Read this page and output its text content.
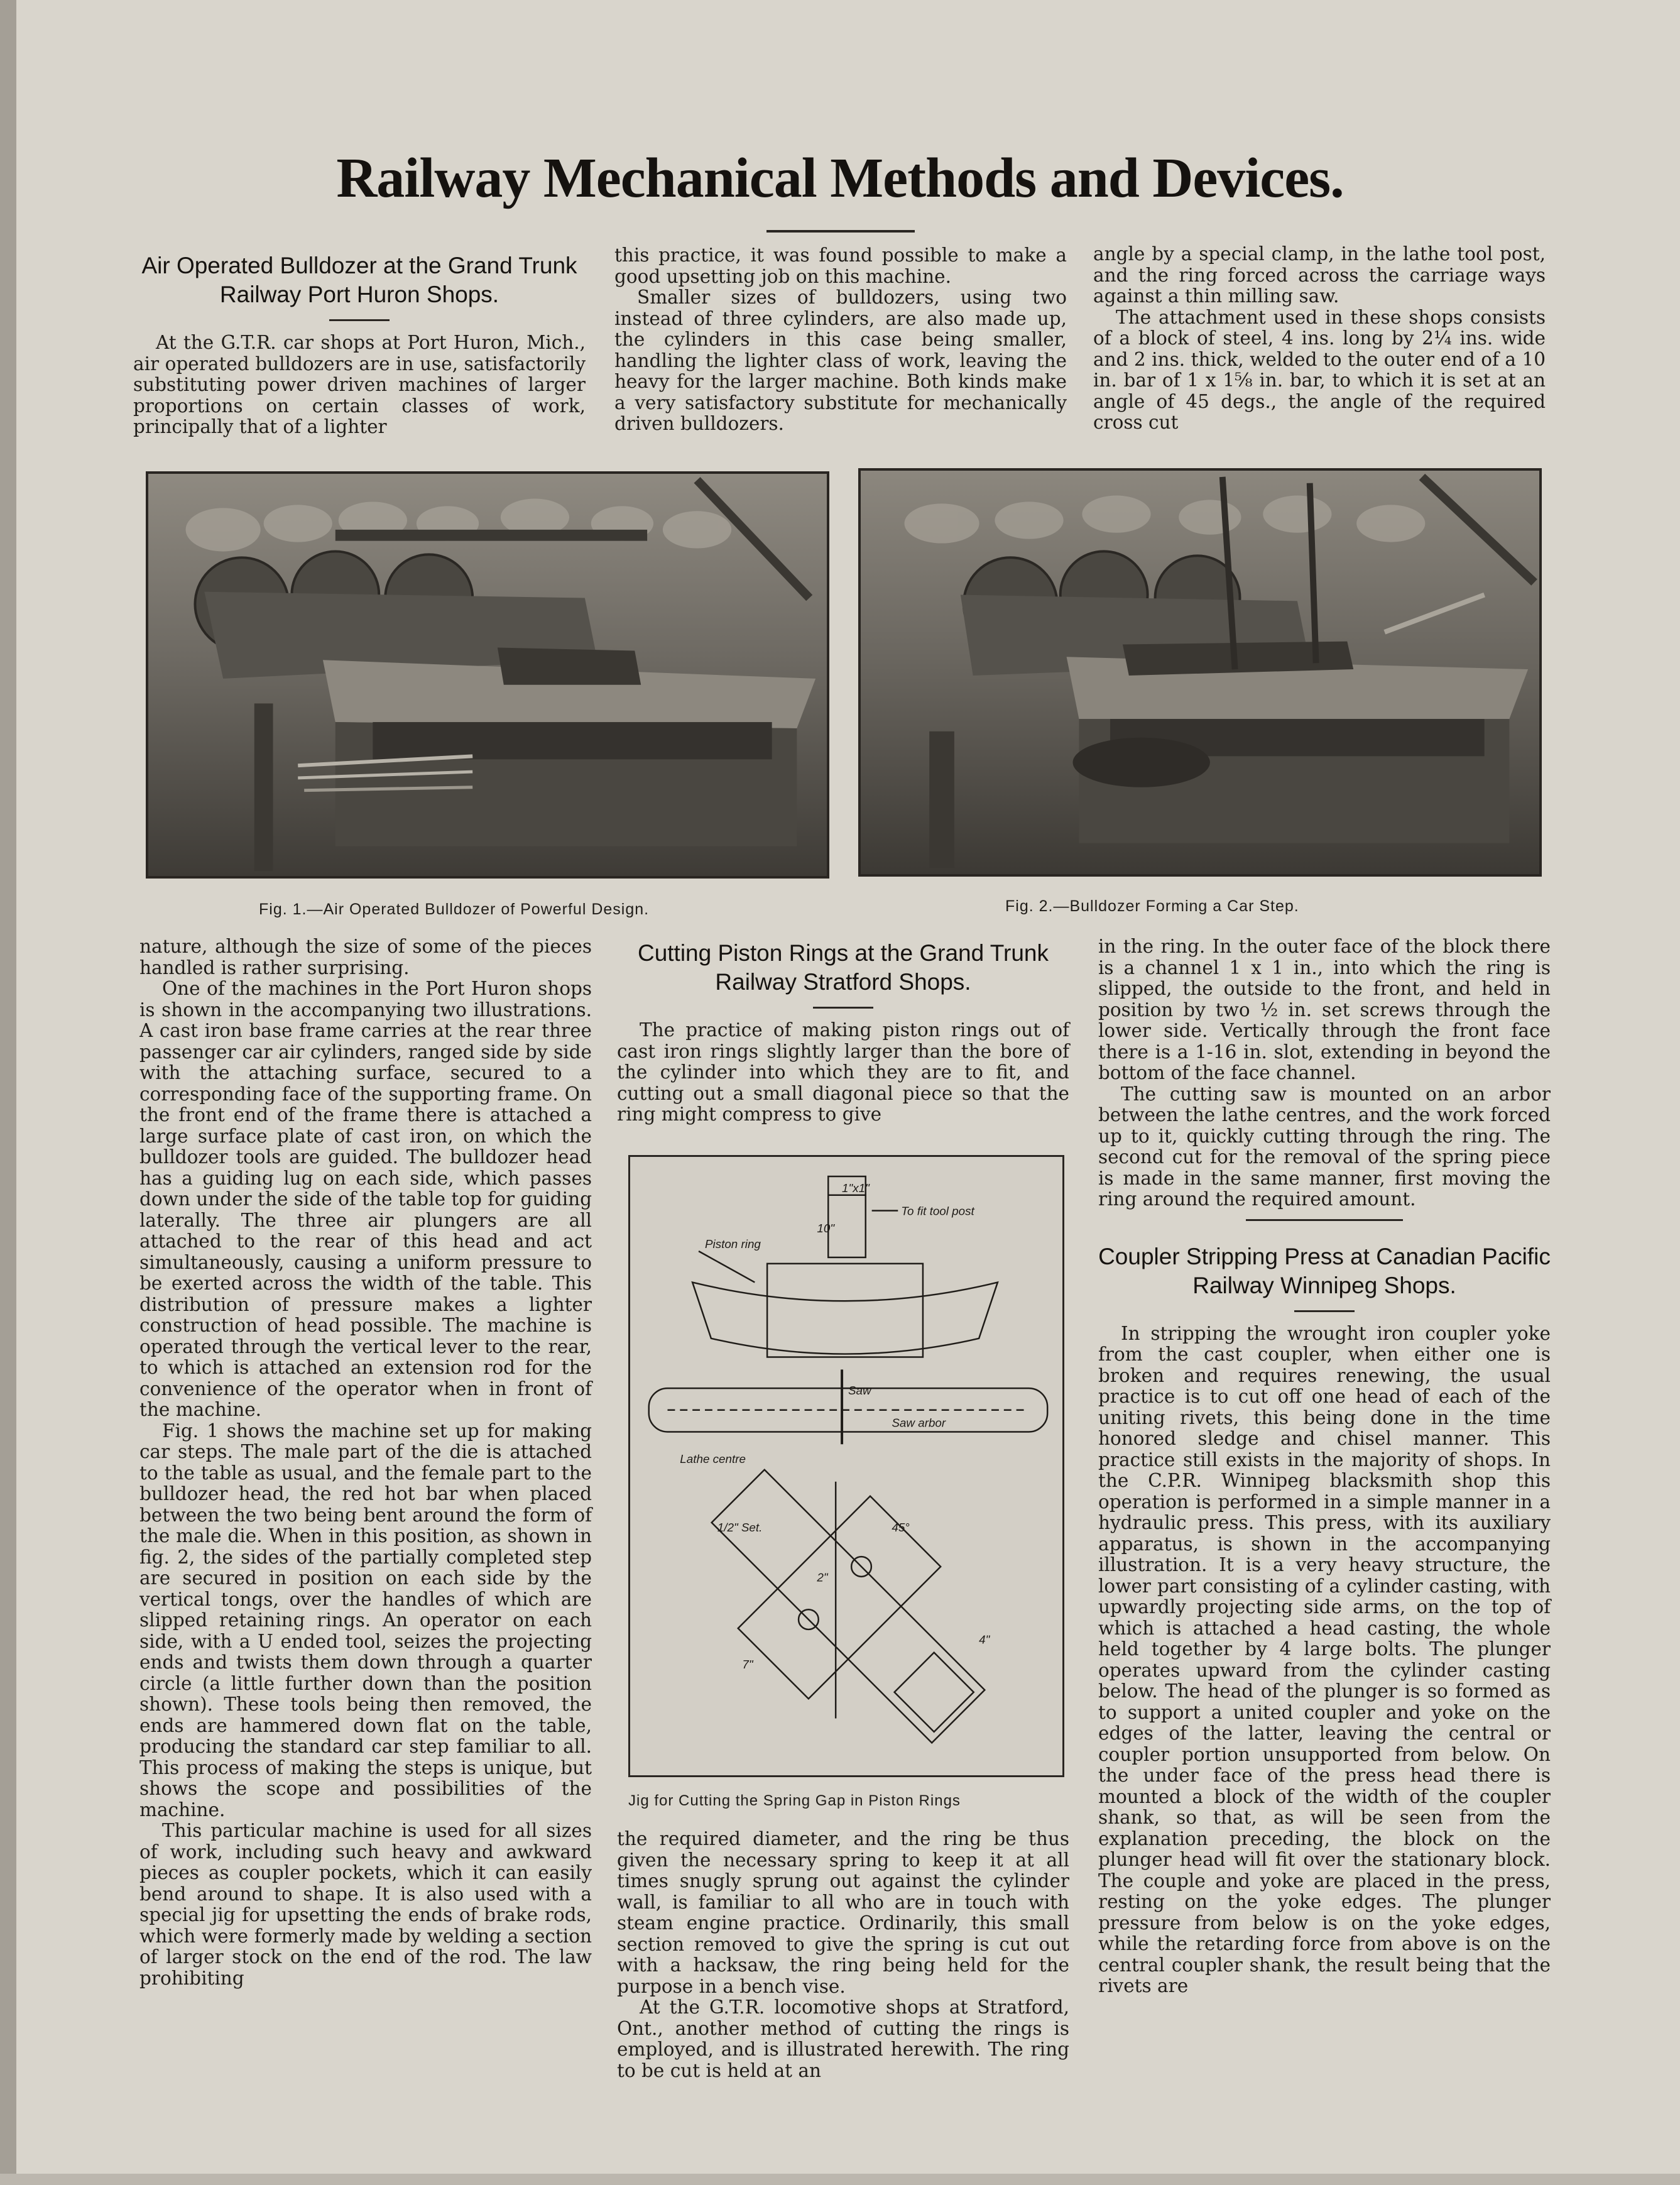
Railway Mechanical Methods and Devices.
Air Operated Bulldozer at the Grand Trunk Railway Port Huron Shops.

At the G.T.R. car shops at Port Huron, Mich., air operated bulldozers are in use, satisfactorily substituting power driven machines of larger proportions on certain classes of work, principally that of a lighter

this practice, it was found possible to make a good upsetting job on this machine.

Smaller sizes of bulldozers, using two instead of three cylinders, are also made up, the cylinders in this case being smaller, handling the lighter class of work, leaving the heavy for the larger machine. Both kinds make a very satisfactory substitute for mechanically driven bulldozers.

angle by a special clamp, in the lathe tool post, and the ring forced across the carriage ways against a thin milling saw.

The attachment used in these shops consists of a block of steel, 4 ins. long by 2¼ ins. wide and 2 ins. thick, welded to the outer end of a 10 in. bar of 1 x 1⅝ in. bar, to which it is set at an angle of 45 degs., the angle of the required cross cut

Fig. 1.—Air Operated Bulldozer of Powerful Design.	Fig. 2.—Bulldozer Forming a Car Step.

nature, although the size of some of the pieces handled is rather surprising.

One of the machines in the Port Huron shops is shown in the accompanying two illustrations. A cast iron base frame carries at the rear three passenger car air cylinders, ranged side by side with the attaching surface, secured to a corresponding face of the supporting frame. On the front end of the frame there is attached a large surface plate of cast iron, on which the bulldozer tools are guided. The bulldozer head has a guiding lug on each side, which passes down under the side of the table top for guiding laterally. The three air plungers are all attached to the rear of this head and act simultaneously, causing a uniform pressure to be exerted across the width of the table. This distribution of pressure makes a lighter construction of head possible. The machine is operated through the vertical lever to the rear, to which is attached an extension rod for the convenience of the operator when in front of the machine.

Fig. 1 shows the machine set up for making car steps. The male part of the die is attached to the table as usual, and the female part to the bulldozer head, the red hot bar when placed between the two being bent around the form of the male die. When in this position, as shown in fig. 2, the sides of the partially completed step are secured in position on each side by the vertical tongs, over the handles of which are slipped retaining rings. An operator on each side, with a U ended tool, seizes the projecting ends and twists them down through a quarter circle (a little further down than the position shown). These tools being then removed, the ends are hammered down flat on the table, producing the standard car step familiar to all. This process of making the steps is unique, but shows the scope and possibilities of the machine.

This particular machine is used for all sizes of work, including such heavy and awkward pieces as coupler pockets, which it can easily bend around to shape. It is also used with a special jig for upsetting the ends of brake rods, which were formerly made by welding a section of larger stock on the end of the rod. The law prohibiting

Cutting Piston Rings at the Grand Trunk Railway Stratford Shops.

The practice of making piston rings out of cast iron rings slightly larger than the bore of the cylinder into which they are to fit, and cutting out a small diagonal piece so that the ring might compress to give

To fit tool post
1"x1"
10"
Piston ring
Saw
Saw arbor
Lathe centre
45°
1/2" Set.
7"
2"
4"

Jig for Cutting the Spring Gap in Piston Rings

the required diameter, and the ring be thus given the necessary spring to keep it at all times snugly sprung out against the cylinder wall, is familiar to all who are in touch with steam engine practice. Ordinarily, this small section removed to give the spring is cut out with a hacksaw, the ring being held for the purpose in a bench vise.

At the G.T.R. locomotive shops at Stratford, Ont., another method of cutting the rings is employed, and is illustrated herewith. The ring to be cut is held at an

in the ring. In the outer face of the block there is a channel 1 x 1 in., into which the ring is slipped, the outside to the front, and held in position by two ½ in. set screws through the lower side. Vertically through the front face there is a 1-16 in. slot, extending in beyond the bottom of the face channel.

The cutting saw is mounted on an arbor between the lathe centres, and the work forced up to it, quickly cutting through the ring. The second cut for the removal of the spring piece is made in the same manner, first moving the ring around the required amount.

Coupler Stripping Press at Canadian Pacific Railway Winnipeg Shops.

In stripping the wrought iron coupler yoke from the cast coupler, when either one is broken and requires renewing, the usual practice is to cut off one head of each of the uniting rivets, this being done in the time honored sledge and chisel manner. This practice still exists in the majority of shops. In the C.P.R. Winnipeg blacksmith shop this operation is performed in a simple manner in a hydraulic press. This press, with its auxiliary apparatus, is shown in the accompanying illustration. It is a very heavy structure, the lower part consisting of a cylinder casting, with upwardly projecting side arms, on the top of which is attached a head casting, the whole held together by 4 large bolts. The plunger operates upward from the cylinder casting below. The head of the plunger is so formed as to support a united coupler and yoke on the edges of the latter, leaving the central or coupler portion unsupported from below. On the under face of the press head there is mounted a block of the width of the coupler shank, so that, as will be seen from the explanation preceding, the block on the plunger head will fit over the stationary block. The couple and yoke are placed in the press, resting on the yoke edges. The plunger pressure from below is on the yoke edges, while the retarding force from above is on the central coupler shank, the result being that the rivets are
